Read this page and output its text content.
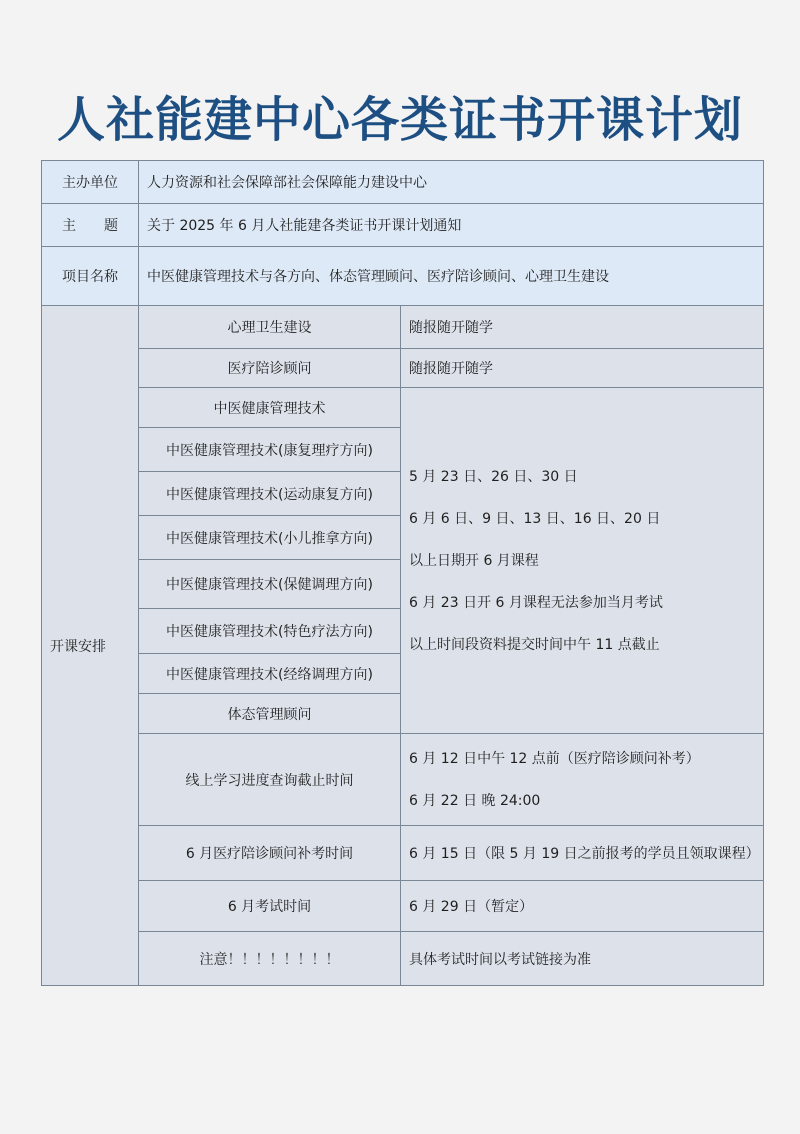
人社能建中心各类证书开课计划
主办单位	人力资源和社会保障部社会保障能力建设中心	
主　　题	关于 2025 年 6 月人社能建各类证书开课计划通知	
项目名称	中医健康管理技术与各方向、体态管理顾问、医疗陪诊顾问、心理卫生建设	
开课安排	心理卫生建设	随报随开随学
	医疗陪诊顾问	随报随开随学
	中医健康管理技术	5 月 23 日、26 日、30 日

6 月 6 日、9 日、13 日、16 日、20 日

以上日期开 6 月课程

6 月 23 日开 6 月课程无法参加当月考试

以上时间段资料提交时间中午 11 点截止

	中医健康管理技术(康复理疗方向)	
	中医健康管理技术(运动康复方向)	
	中医健康管理技术(小儿推拿方向)	
	中医健康管理技术(保健调理方向)	
	中医健康管理技术(特色疗法方向)	
	中医健康管理技术(经络调理方向)	
	体态管理顾问	
	线上学习进度查询截止时间	6 月 12 日中午 12 点前（医疗陪诊顾问补考）

6 月 22 日 晚 24:00

	6 月医疗陪诊顾问补考时间	6 月 15 日（限 5 月 19 日之前报考的学员且领取课程）
	6 月考试时间	6 月 29 日（暂定）
	注意！！！！！！！！	具体考试时间以考试链接为准
